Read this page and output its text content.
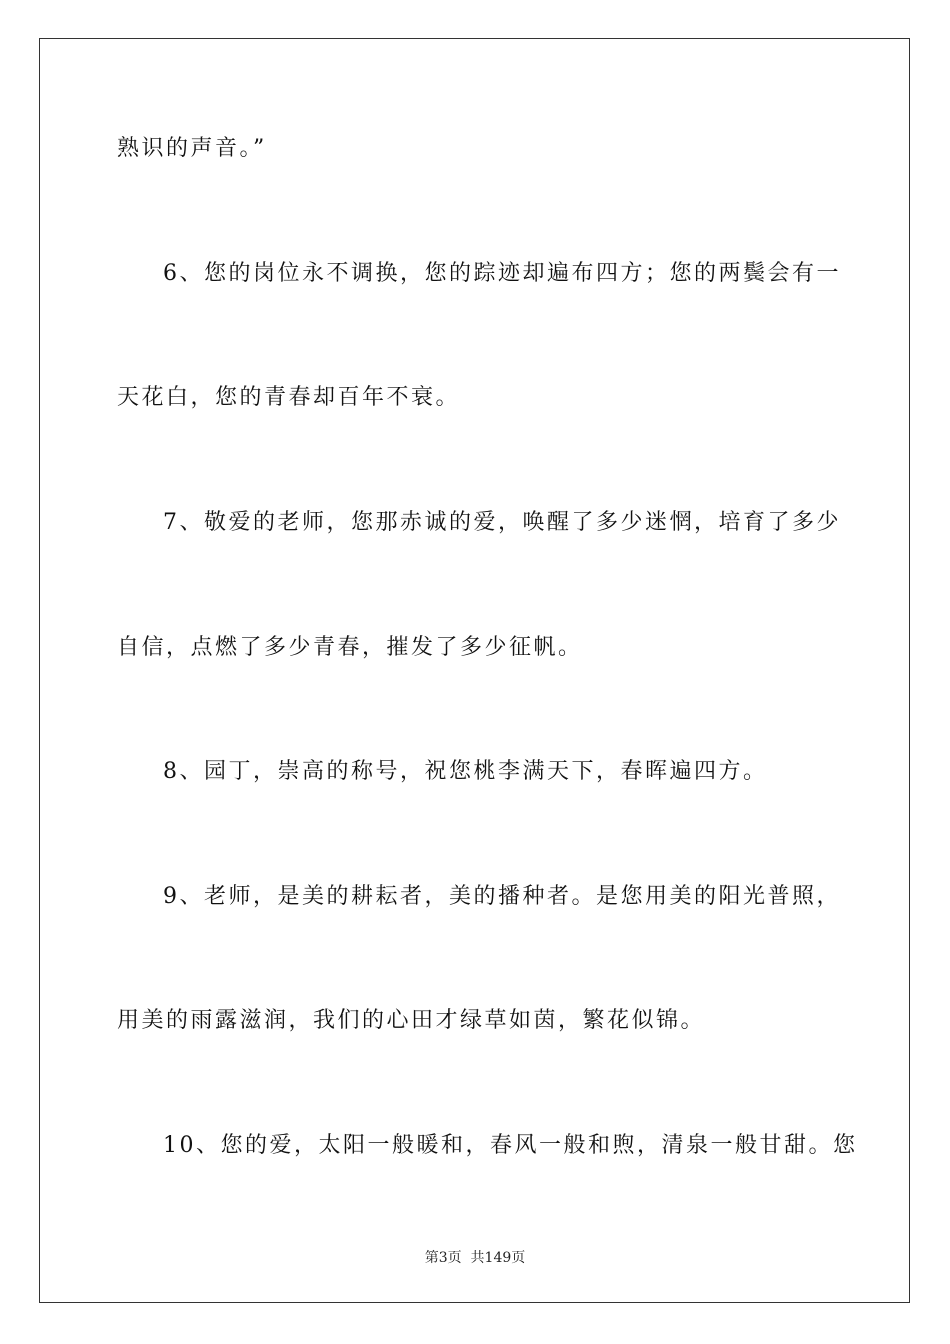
熟识的声音。”
6、您的岗位永不调换，您的踪迹却遍布四方；您的两鬓会有一
天花白，您的青春却百年不衰。
7、敬爱的老师，您那赤诚的爱，唤醒了多少迷惘，培育了多少
自信，点燃了多少青春，摧发了多少征帆。
8、园丁，崇高的称号，祝您桃李满天下，春晖遍四方。
9、老师，是美的耕耘者，美的播种者。是您用美的阳光普照，
用美的雨露滋润，我们的心田才绿草如茵，繁花似锦。
10、您的爱，太阳一般暖和，春风一般和煦，清泉一般甘甜。您
第3页  共149页
